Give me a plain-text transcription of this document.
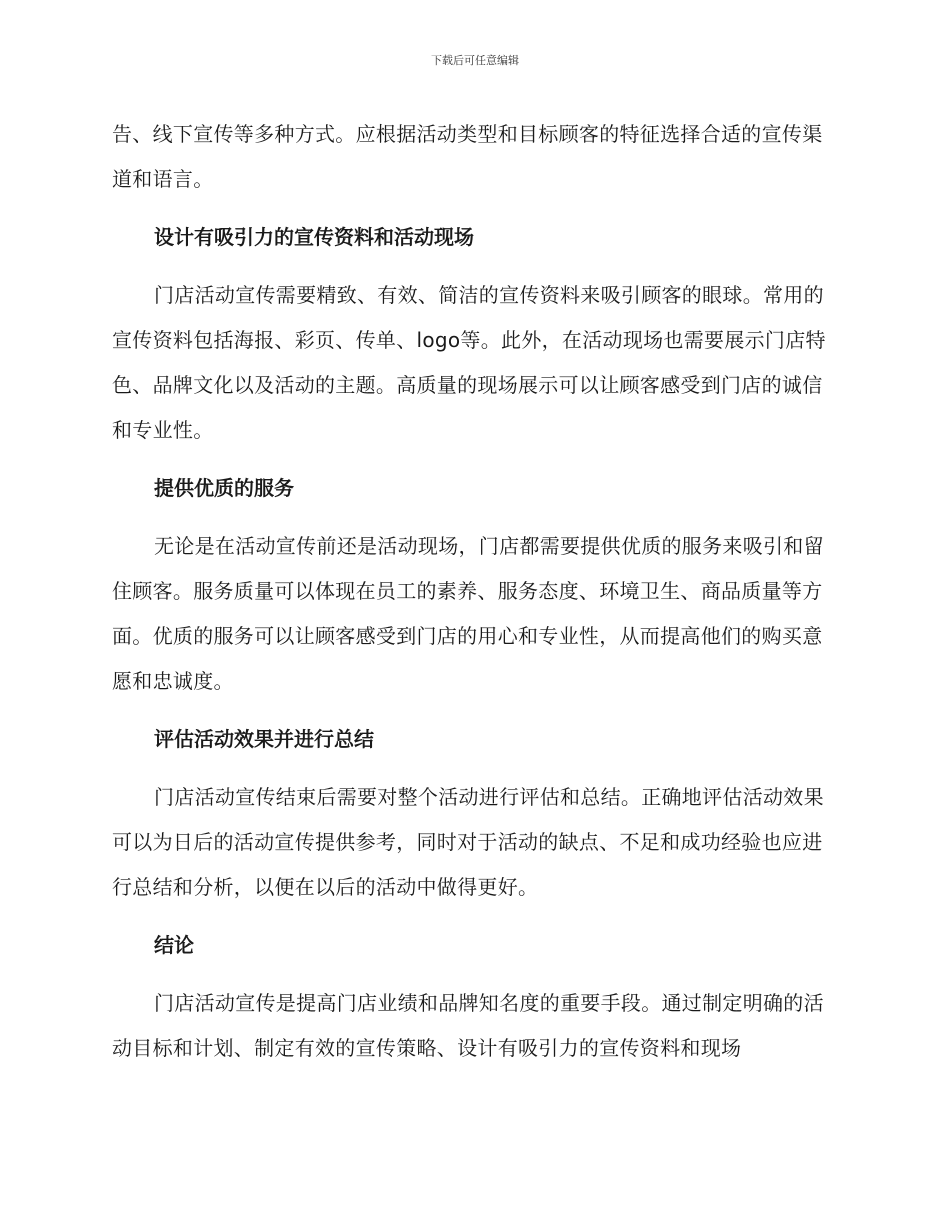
下载后可任意编辑

告、线下宣传等多种方式。应根据活动类型和目标顾客的特征选择合适的宣传渠道和语言。

设计有吸引力的宣传资料和活动现场

门店活动宣传需要精致、有效、简洁的宣传资料来吸引顾客的眼球。常用的宣传资料包括海报、彩页、传单、logo等。此外，在活动现场也需要展示门店特色、品牌文化以及活动的主题。高质量的现场展示可以让顾客感受到门店的诚信和专业性。

提供优质的服务

无论是在活动宣传前还是活动现场，门店都需要提供优质的服务来吸引和留住顾客。服务质量可以体现在员工的素养、服务态度、环境卫生、商品质量等方面。优质的服务可以让顾客感受到门店的用心和专业性，从而提高他们的购买意愿和忠诚度。

评估活动效果并进行总结

门店活动宣传结束后需要对整个活动进行评估和总结。正确地评估活动效果可以为日后的活动宣传提供参考，同时对于活动的缺点、不足和成功经验也应进行总结和分析，以便在以后的活动中做得更好。

结论

门店活动宣传是提高门店业绩和品牌知名度的重要手段。通过制定明确的活动目标和计划、制定有效的宣传策略、设计有吸引力的宣传资料和现场
